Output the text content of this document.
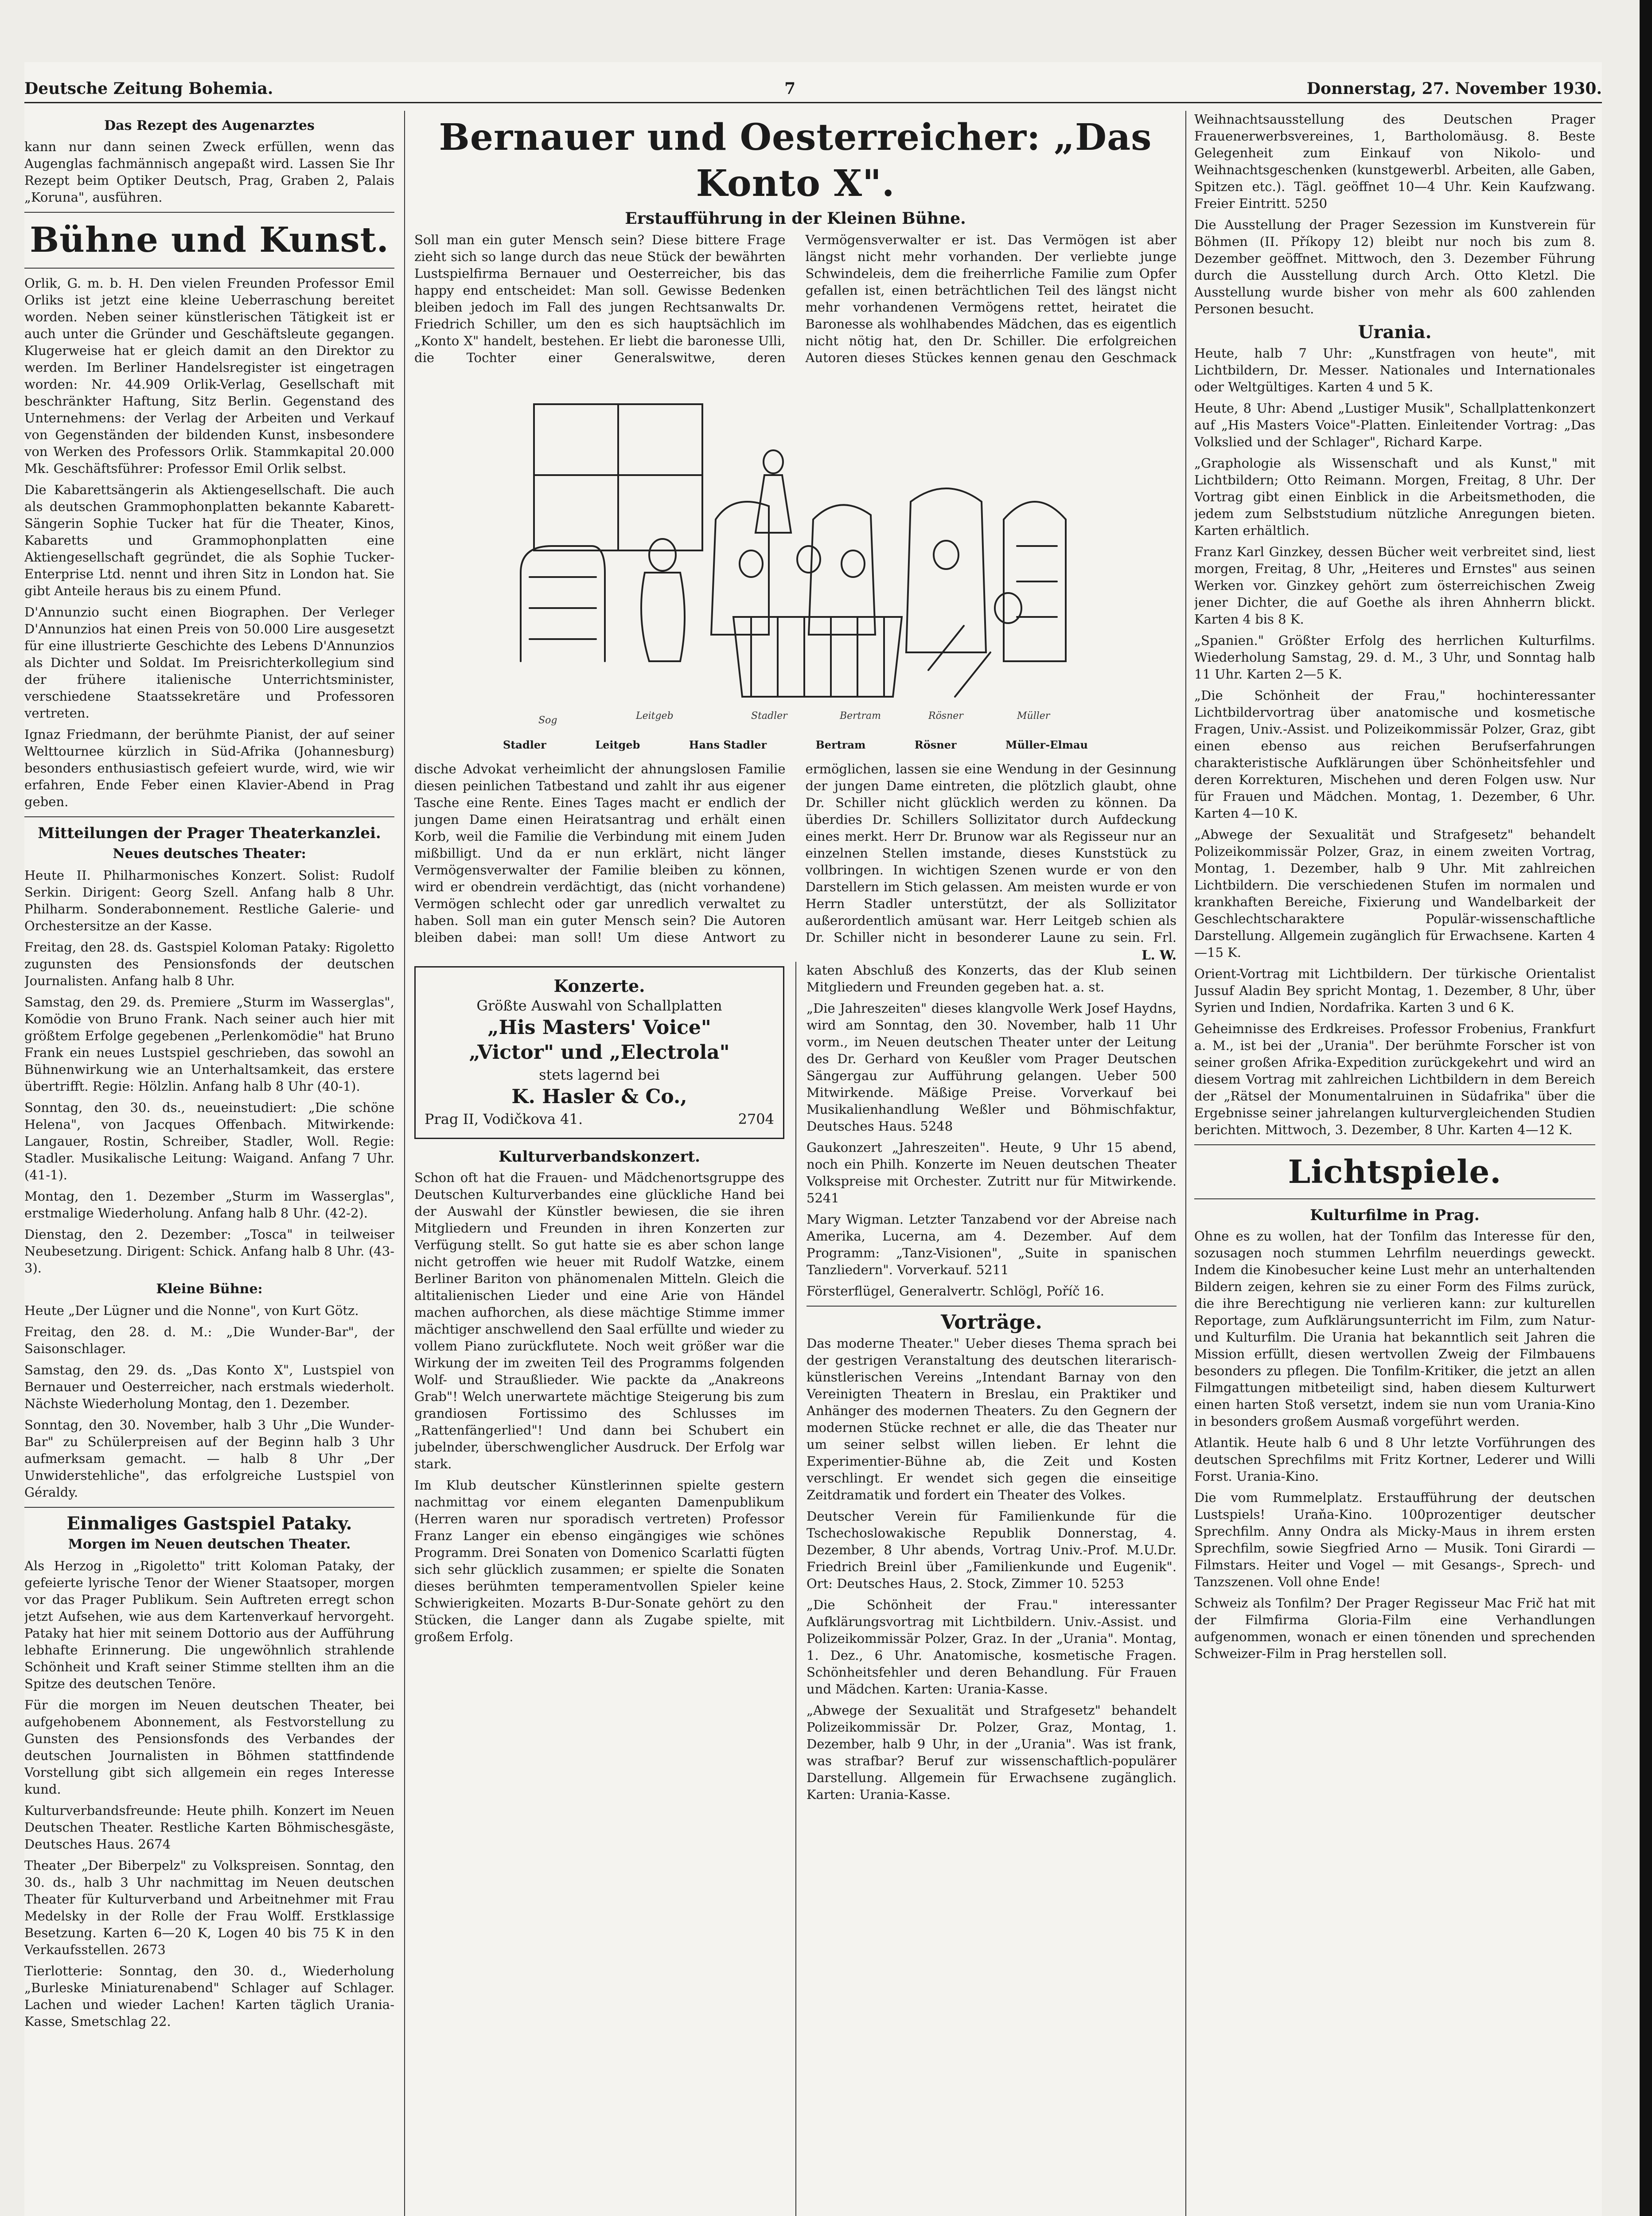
Deutsche Zeitung Bohemia.	7	Donnerstag, 27. November 1930.
Das Rezept des Augenarztes

kann nur dann seinen Zweck erfüllen, wenn das Augenglas fachmännisch angepaßt wird. Lassen Sie Ihr Rezept beim Optiker Deutsch, Prag, Graben 2, Palais „Koruna", ausführen.

Bühne und Kunst.

Orlik, G. m. b. H. Den vielen Freunden Professor Emil Orliks ist jetzt eine kleine Ueberraschung bereitet worden. Neben seiner künstlerischen Tätigkeit ist er auch unter die Gründer und Geschäftsleute gegangen. Klugerweise hat er gleich damit an den Direktor zu werden. Im Berliner Handelsregister ist eingetragen worden: Nr. 44.909 Orlik-Verlag, Gesellschaft mit beschränkter Haftung, Sitz Berlin. Gegenstand des Unternehmens: der Verlag der Arbeiten und Verkauf von Gegenständen der bildenden Kunst, insbesondere von Werken des Professors Orlik. Stammkapital 20.000 Mk. Geschäftsführer: Professor Emil Orlik selbst.

Die Kabarettsängerin als Aktiengesellschaft. Die auch als deutschen Grammophonplatten bekannte Kabarett-Sängerin Sophie Tucker hat für die Theater, Kinos, Kabaretts und Grammophonplatten eine Aktiengesellschaft gegründet, die als Sophie Tucker-Enterprise Ltd. nennt und ihren Sitz in London hat. Sie gibt Anteile heraus bis zu einem Pfund.

D'Annunzio sucht einen Biographen. Der Verleger D'Annunzios hat einen Preis von 50.000 Lire ausgesetzt für eine illustrierte Geschichte des Lebens D'Annunzios als Dichter und Soldat. Im Preisrichterkollegium sind der frühere italienische Unterrichtsminister, verschiedene Staatssekretäre und Professoren vertreten.

Ignaz Friedmann, der berühmte Pianist, der auf seiner Welttournee kürzlich in Süd-Afrika (Johannesburg) besonders enthusiastisch gefeiert wurde, wird, wie wir erfahren, Ende Feber einen Klavier-Abend in Prag geben.

Mitteilungen der Prager Theaterkanzlei.
Neues deutsches Theater:

Heute II. Philharmonisches Konzert. Solist: Rudolf Serkin. Dirigent: Georg Szell. Anfang halb 8 Uhr. Philharm. Sonderabonnement. Restliche Galerie- und Orchestersitze an der Kasse.

Freitag, den 28. ds. Gastspiel Koloman Pataky: Rigoletto zugunsten des Pensionsfonds der deutschen Journalisten. Anfang halb 8 Uhr.

Samstag, den 29. ds. Premiere „Sturm im Wasserglas", Komödie von Bruno Frank. Nach seiner auch hier mit größtem Erfolge gegebenen „Perlenkomödie" hat Bruno Frank ein neues Lustspiel geschrieben, das sowohl an Bühnenwirkung wie an Unterhaltsamkeit, das erstere übertrifft. Regie: Hölzlin. Anfang halb 8 Uhr (40-1).

Sonntag, den 30. ds., neueinstudiert: „Die schöne Helena", von Jacques Offenbach. Mitwirkende: Langauer, Rostin, Schreiber, Stadler, Woll. Regie: Stadler. Musikalische Leitung: Waigand. Anfang 7 Uhr. (41-1).

Montag, den 1. Dezember „Sturm im Wasserglas", erstmalige Wiederholung. Anfang halb 8 Uhr. (42-2).

Dienstag, den 2. Dezember: „Tosca" in teilweiser Neubesetzung. Dirigent: Schick. Anfang halb 8 Uhr. (43-3).

Kleine Bühne:

Heute „Der Lügner und die Nonne", von Kurt Götz.

Freitag, den 28. d. M.: „Die Wunder-Bar", der Saisonschlager.

Samstag, den 29. ds. „Das Konto X", Lustspiel von Bernauer und Oesterreicher, nach erstmals wiederholt. Nächste Wiederholung Montag, den 1. Dezember.

Sonntag, den 30. November, halb 3 Uhr „Die Wunder-Bar" zu Schülerpreisen auf der Beginn halb 3 Uhr aufmerksam gemacht. — halb 8 Uhr „Der Unwiderstehliche", das erfolgreiche Lustspiel von Géraldy.

Einmaliges Gastspiel Pataky.
Morgen im Neuen deutschen Theater.

Als Herzog in „Rigoletto" tritt Koloman Pataky, der gefeierte lyrische Tenor der Wiener Staatsoper, morgen vor das Prager Publikum. Sein Auftreten erregt schon jetzt Aufsehen, wie aus dem Kartenverkauf hervorgeht. Pataky hat hier mit seinem Dottorio aus der Aufführung lebhafte Erinnerung. Die ungewöhnlich strahlende Schönheit und Kraft seiner Stimme stellten ihm an die Spitze des deutschen Tenöre.

Für die morgen im Neuen deutschen Theater, bei aufgehobenem Abonnement, als Festvorstellung zu Gunsten des Pensionsfonds des Verbandes der deutschen Journalisten in Böhmen stattfindende Vorstellung gibt sich allgemein ein reges Interesse kund.

Kulturverbandsfreunde: Heute philh. Konzert im Neuen Deutschen Theater. Restliche Karten Böhmischesgäste, Deutsches Haus. 2674

Theater „Der Biberpelz" zu Volkspreisen. Sonntag, den 30. ds., halb 3 Uhr nachmittag im Neuen deutschen Theater für Kulturverband und Arbeitnehmer mit Frau Medelsky in der Rolle der Frau Wolff. Erstklassige Besetzung. Karten 6—20 K, Logen 40 bis 75 K in den Verkaufsstellen. 2673

Tierlotterie: Sonntag, den 30. d., Wiederholung „Burleske Miniaturenabend" Schlager auf Schlager. Lachen und wieder Lachen! Karten täglich Urania-Kasse, Smetschlag 22.

Bernauer und Oesterreicher: „Das Konto X".
Erstaufführung in der Kleinen Bühne.
Soll man ein guter Mensch sein? Diese bittere Frage zieht sich so lange durch das neue Stück der bewährten Lustspielfirma Bernauer und Oesterreicher, bis das happy end entscheidet: Man soll. Gewisse Bedenken bleiben jedoch im Fall des jungen Rechtsanwalts Dr. Friedrich Schiller, um den es sich hauptsächlich im „Konto X" handelt, bestehen. Er liebt die baronesse Ulli, die Tochter einer Generalswitwe, deren Vermögensverwalter er ist. Das Vermögen ist aber längst nicht mehr vorhanden. Der verliebte junge Schwindeleis, dem die freiherrliche Familie zum Opfer gefallen ist, einen beträchtlichen Teil des längst nicht mehr vorhandenen Vermögens rettet, heiratet die Baronesse als wohlhabendes Mädchen, das es eigentlich nicht nötig hat, den Dr. Schiller. Die erfolgreichen Autoren dieses Stückes kennen genau den Geschmack
Sog	Leitgeb	Stadler	Bertram	Rösner	Müller
Stadler	Leitgeb	Hans Stadler	Bertram	Rösner	Müller-Elmau
dische Advokat verheimlicht der ahnungslosen Familie diesen peinlichen Tatbestand und zahlt ihr aus eigener Tasche eine Rente. Eines Tages macht er endlich der jungen Dame einen Heiratsantrag und erhält einen Korb, weil die Familie die Verbindung mit einem Juden mißbilligt. Und da er nun erklärt, nicht länger Vermögensverwalter der Familie bleiben zu können, wird er obendrein verdächtigt, das (nicht vorhandene) Vermögen schlecht oder gar unredlich verwaltet zu haben. Soll man ein guter Mensch sein? Die Autoren bleiben dabei: man soll! Um diese Antwort zu ermöglichen, lassen sie eine Wendung in der Gesinnung der jungen Dame eintreten, die plötzlich glaubt, ohne Dr. Schiller nicht glücklich werden zu können. Da überdies Dr. Schillers Sollizitator durch Aufdeckung eines merkt. Herr Dr. Brunow war als Regisseur nur an einzelnen Stellen imstande, dieses Kunststück zu vollbringen. In wichtigen Szenen wurde er von den Darstellern im Stich gelassen. Am meisten wurde er von Herrn Stadler unterstützt, der als Sollizitator außerordentlich amüsant war. Herr Leitgeb schien als Dr. Schiller nicht in besonderer Laune zu sein. Frl.
L. W.
Konzerte.
Größte Auswahl von Schallplatten
„His Masters' Voice"
„Victor" und „Electrola"
stets lagernd bei
K. Hasler & Co.,
Prag II, Vodičkova 41.	2704
Kulturverbandskonzert.

Schon oft hat die Frauen- und Mädchenortsgruppe des Deutschen Kulturverbandes eine glückliche Hand bei der Auswahl der Künstler bewiesen, die sie ihren Mitgliedern und Freunden in ihren Konzerten zur Verfügung stellt. So gut hatte sie es aber schon lange nicht getroffen wie heuer mit Rudolf Watzke, einem Berliner Bariton von phänomenalen Mitteln. Gleich die altitalienischen Lieder und eine Arie von Händel machen aufhorchen, als diese mächtige Stimme immer mächtiger anschwellend den Saal erfüllte und wieder zu vollem Piano zurückflutete. Noch weit größer war die Wirkung der im zweiten Teil des Programms folgenden Wolf- und Straußlieder. Wie packte da „Anakreons Grab"! Welch unerwartete mächtige Steigerung bis zum grandiosen Fortissimo des Schlusses im „Rattenfängerlied"! Und dann bei Schubert ein jubelnder, überschwenglicher Ausdruck. Der Erfolg war stark.

Im Klub deutscher Künstlerinnen spielte gestern nachmittag vor einem eleganten Damenpublikum (Herren waren nur sporadisch vertreten) Professor Franz Langer ein ebenso eingängiges wie schönes Programm. Drei Sonaten von Domenico Scarlatti fügten sich sehr glücklich zusammen; er spielte die Sonaten dieses berühmten temperamentvollen Spieler keine Schwierigkeiten. Mozarts B-Dur-Sonate gehört zu den Stücken, die Langer dann als Zugabe spielte, mit großem Erfolg.

katen Abschluß des Konzerts, das der Klub seinen Mitgliedern und Freunden gegeben hat. a. st.

„Die Jahreszeiten" dieses klangvolle Werk Josef Haydns, wird am Sonntag, den 30. November, halb 11 Uhr vorm., im Neuen deutschen Theater unter der Leitung des Dr. Gerhard von Keußler vom Prager Deutschen Sängergau zur Aufführung gelangen. Ueber 500 Mitwirkende. Mäßige Preise. Vorverkauf bei Musikalienhandlung Weßler und Böhmischfaktur, Deutsches Haus. 5248

Gaukonzert „Jahreszeiten". Heute, 9 Uhr 15 abend, noch ein Philh. Konzerte im Neuen deutschen Theater Volkspreise mit Orchester. Zutritt nur für Mitwirkende. 5241

Mary Wigman. Letzter Tanzabend vor der Abreise nach Amerika, Lucerna, am 4. Dezember. Auf dem Programm: „Tanz-Visionen", „Suite in spanischen Tanzliedern". Vorverkauf. 5211

Försterflügel, Generalvertr. Schlögl, Poříč 16.

Vorträge.

Das moderne Theater." Ueber dieses Thema sprach bei der gestrigen Veranstaltung des deutschen literarisch-künstlerischen Vereins „Intendant Barnay von den Vereinigten Theatern in Breslau, ein Praktiker und Anhänger des modernen Theaters. Zu den Gegnern der modernen Stücke rechnet er alle, die das Theater nur um seiner selbst willen lieben. Er lehnt die Experimentier-Bühne ab, die Zeit und Kosten verschlingt. Er wendet sich gegen die einseitige Zeitdramatik und fordert ein Theater des Volkes.

Deutscher Verein für Familienkunde für die Tschechoslowakische Republik Donnerstag, 4. Dezember, 8 Uhr abends, Vortrag Univ.-Prof. M.U.Dr. Friedrich Breinl über „Familienkunde und Eugenik". Ort: Deutsches Haus, 2. Stock, Zimmer 10. 5253

„Die Schönheit der Frau." interessanter Aufklärungsvortrag mit Lichtbildern. Univ.-Assist. und Polizeikommissär Polzer, Graz. In der „Urania". Montag, 1. Dez., 6 Uhr. Anatomische, kosmetische Fragen. Schönheitsfehler und deren Behandlung. Für Frauen und Mädchen. Karten: Urania-Kasse.

„Abwege der Sexualität und Strafgesetz" behandelt Polizeikommissär Dr. Polzer, Graz, Montag, 1. Dezember, halb 9 Uhr, in der „Urania". Was ist frank, was strafbar? Beruf zur wissenschaftlich-populärer Darstellung. Allgemein für Erwachsene zugänglich. Karten: Urania-Kasse.

Weihnachtsausstellung des Deutschen Prager Frauenerwerbsvereines, 1, Bartholomäusg. 8. Beste Gelegenheit zum Einkauf von Nikolo- und Weihnachtsgeschenken (kunstgewerbl. Arbeiten, alle Gaben, Spitzen etc.). Tägl. geöffnet 10—4 Uhr. Kein Kaufzwang. Freier Eintritt. 5250

Die Ausstellung der Prager Sezession im Kunstverein für Böhmen (II. Příkopy 12) bleibt nur noch bis zum 8. Dezember geöffnet. Mittwoch, den 3. Dezember Führung durch die Ausstellung durch Arch. Otto Kletzl. Die Ausstellung wurde bisher von mehr als 600 zahlenden Personen besucht.

Urania.

Heute, halb 7 Uhr: „Kunstfragen von heute", mit Lichtbildern, Dr. Messer. Nationales und Internationales oder Weltgültiges. Karten 4 und 5 K.

Heute, 8 Uhr: Abend „Lustiger Musik", Schallplattenkonzert auf „His Masters Voice"-Platten. Einleitender Vortrag: „Das Volkslied und der Schlager", Richard Karpe.

„Graphologie als Wissenschaft und als Kunst," mit Lichtbildern; Otto Reimann. Morgen, Freitag, 8 Uhr. Der Vortrag gibt einen Einblick in die Arbeitsmethoden, die jedem zum Selbststudium nützliche Anregungen bieten. Karten erhältlich.

Franz Karl Ginzkey, dessen Bücher weit verbreitet sind, liest morgen, Freitag, 8 Uhr, „Heiteres und Ernstes" aus seinen Werken vor. Ginzkey gehört zum österreichischen Zweig jener Dichter, die auf Goethe als ihren Ahnherrn blickt. Karten 4 bis 8 K.

„Spanien." Größter Erfolg des herrlichen Kulturfilms. Wiederholung Samstag, 29. d. M., 3 Uhr, und Sonntag halb 11 Uhr. Karten 2—5 K.

„Die Schönheit der Frau," hochinteressanter Lichtbildervortrag über anatomische und kosmetische Fragen, Univ.-Assist. und Polizeikommissär Polzer, Graz, gibt einen ebenso aus reichen Berufserfahrungen charakteristische Aufklärungen über Schönheitsfehler und deren Korrekturen, Mischehen und deren Folgen usw. Nur für Frauen und Mädchen. Montag, 1. Dezember, 6 Uhr. Karten 4—10 K.

„Abwege der Sexualität und Strafgesetz" behandelt Polizeikommissär Polzer, Graz, in einem zweiten Vortrag, Montag, 1. Dezember, halb 9 Uhr. Mit zahlreichen Lichtbildern. Die verschiedenen Stufen im normalen und krankhaften Bereiche, Fixierung und Wandelbarkeit der Geschlechtscharaktere Populär-wissenschaftliche Darstellung. Allgemein zugänglich für Erwachsene. Karten 4—15 K.

Orient-Vortrag mit Lichtbildern. Der türkische Orientalist Jussuf Aladin Bey spricht Montag, 1. Dezember, 8 Uhr, über Syrien und Indien, Nordafrika. Karten 3 und 6 K.

Geheimnisse des Erdkreises. Professor Frobenius, Frankfurt a. M., ist bei der „Urania". Der berühmte Forscher ist von seiner großen Afrika-Expedition zurückgekehrt und wird an diesem Vortrag mit zahlreichen Lichtbildern in dem Bereich der „Rätsel der Monumentalruinen in Südafrika" über die Ergebnisse seiner jahrelangen kulturvergleichenden Studien berichten. Mittwoch, 3. Dezember, 8 Uhr. Karten 4—12 K.

Lichtspiele.
Kulturfilme in Prag.

Ohne es zu wollen, hat der Tonfilm das Interesse für den, sozusagen noch stummen Lehrfilm neuerdings geweckt. Indem die Kinobesucher keine Lust mehr an unterhaltenden Bildern zeigen, kehren sie zu einer Form des Films zurück, die ihre Berechtigung nie verlieren kann: zur kulturellen Reportage, zum Aufklärungsunterricht im Film, zum Natur- und Kulturfilm. Die Urania hat bekanntlich seit Jahren die Mission erfüllt, diesen wertvollen Zweig der Filmbauens besonders zu pflegen. Die Tonfilm-Kritiker, die jetzt an allen Filmgattungen mitbeteiligt sind, haben diesem Kulturwert einen harten Stoß versetzt, indem sie nun vom Urania-Kino in besonders großem Ausmaß vorgeführt werden.

Atlantik. Heute halb 6 und 8 Uhr letzte Vorführungen des deutschen Sprechfilms mit Fritz Kortner, Lederer und Willi Forst. Urania-Kino.

Die vom Rummelplatz. Erstaufführung der deutschen Lustspiels! Uraňa-Kino. 100prozentiger deutscher Sprechfilm. Anny Ondra als Micky-Maus in ihrem ersten Sprechfilm, sowie Siegfried Arno — Musik. Toni Girardi — Filmstars. Heiter und Vogel — mit Gesangs-, Sprech- und Tanzszenen. Voll ohne Ende!

Schweiz als Tonfilm? Der Prager Regisseur Mac Frič hat mit der Filmfirma Gloria-Film eine Verhandlungen aufgenommen, wonach er einen tönenden und sprechenden Schweizer-Film in Prag herstellen soll.
